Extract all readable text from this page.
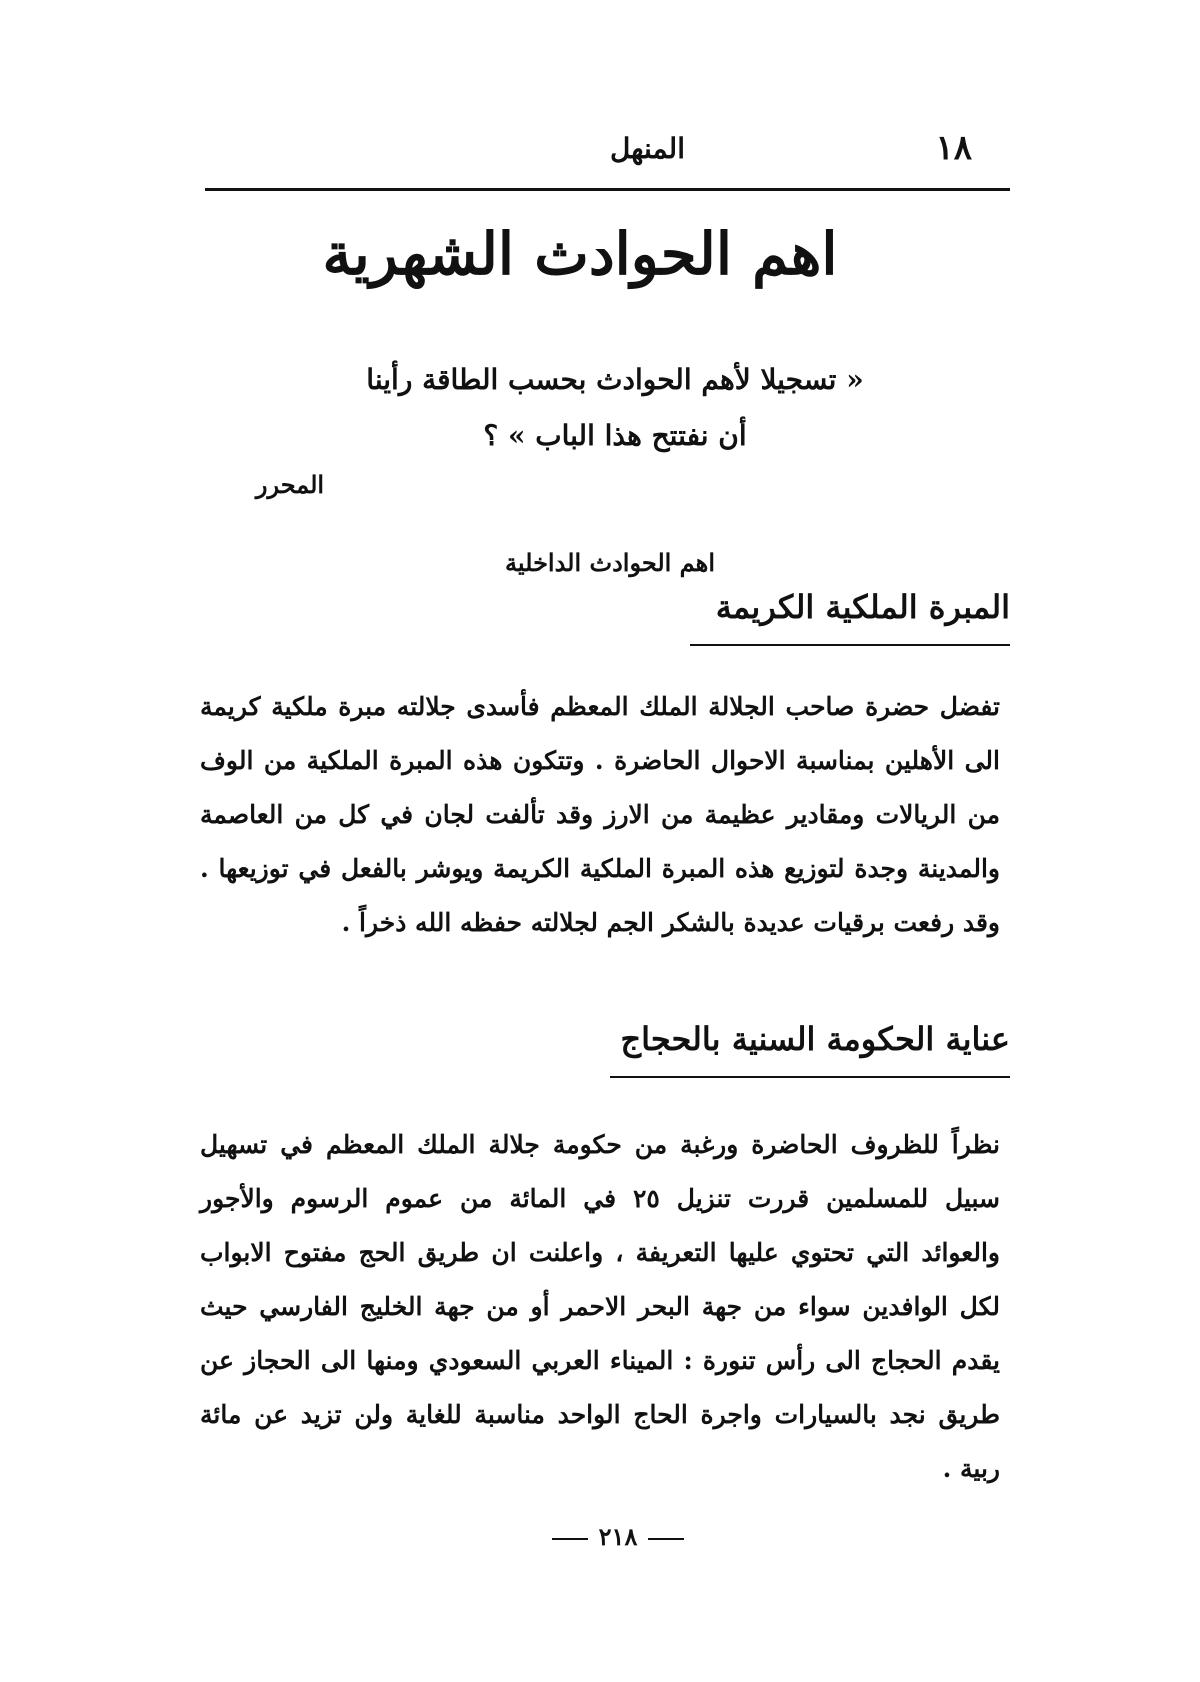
١٨
المنهل
اهم الحوادث الشهرية
« تسجيلا لأهم الحوادث بحسب الطاقة رأينا
أن نفتتح هذا الباب » ؟
المحرر
اهم الحوادث الداخلية
المبرة الملكية الكريمة
تفضل حضرة صاحب الجلالة الملك المعظم فأسدى جلالته مبرة ملكية كريمة الى الأهلين بمناسبة الاحوال الحاضرة . وتتكون هذه المبرة الملكية من الوف من الريالات ومقادير عظيمة من الارز وقد تألفت لجان في كل من العاصمة والمدينة وجدة لتوزيع هذه المبرة الملكية الكريمة ويوشر بالفعل في توزيعها . وقد رفعت برقيات عديدة بالشكر الجم لجلالته حفظه الله ذخراً .
عناية الحكومة السنية بالحجاج
نظراً للظروف الحاضرة ورغبة من حكومة جلالة الملك المعظم في تسهيل سبيل للمسلمين قررت تنزيل ٢٥ في المائة من عموم الرسوم والأجور والعوائد التي تحتوي عليها التعريفة ، واعلنت ان طريق الحج مفتوح الابواب لكل الوافدين سواء من جهة البحر الاحمر أو من جهة الخليج الفارسي حيث يقدم الحجاج الى رأس تنورة : الميناء العربي السعودي ومنها الى الحجاز عن طريق نجد بالسيارات واجرة الحاج الواحد مناسبة للغاية ولن تزيد عن مائة ربية .
٢١٨
